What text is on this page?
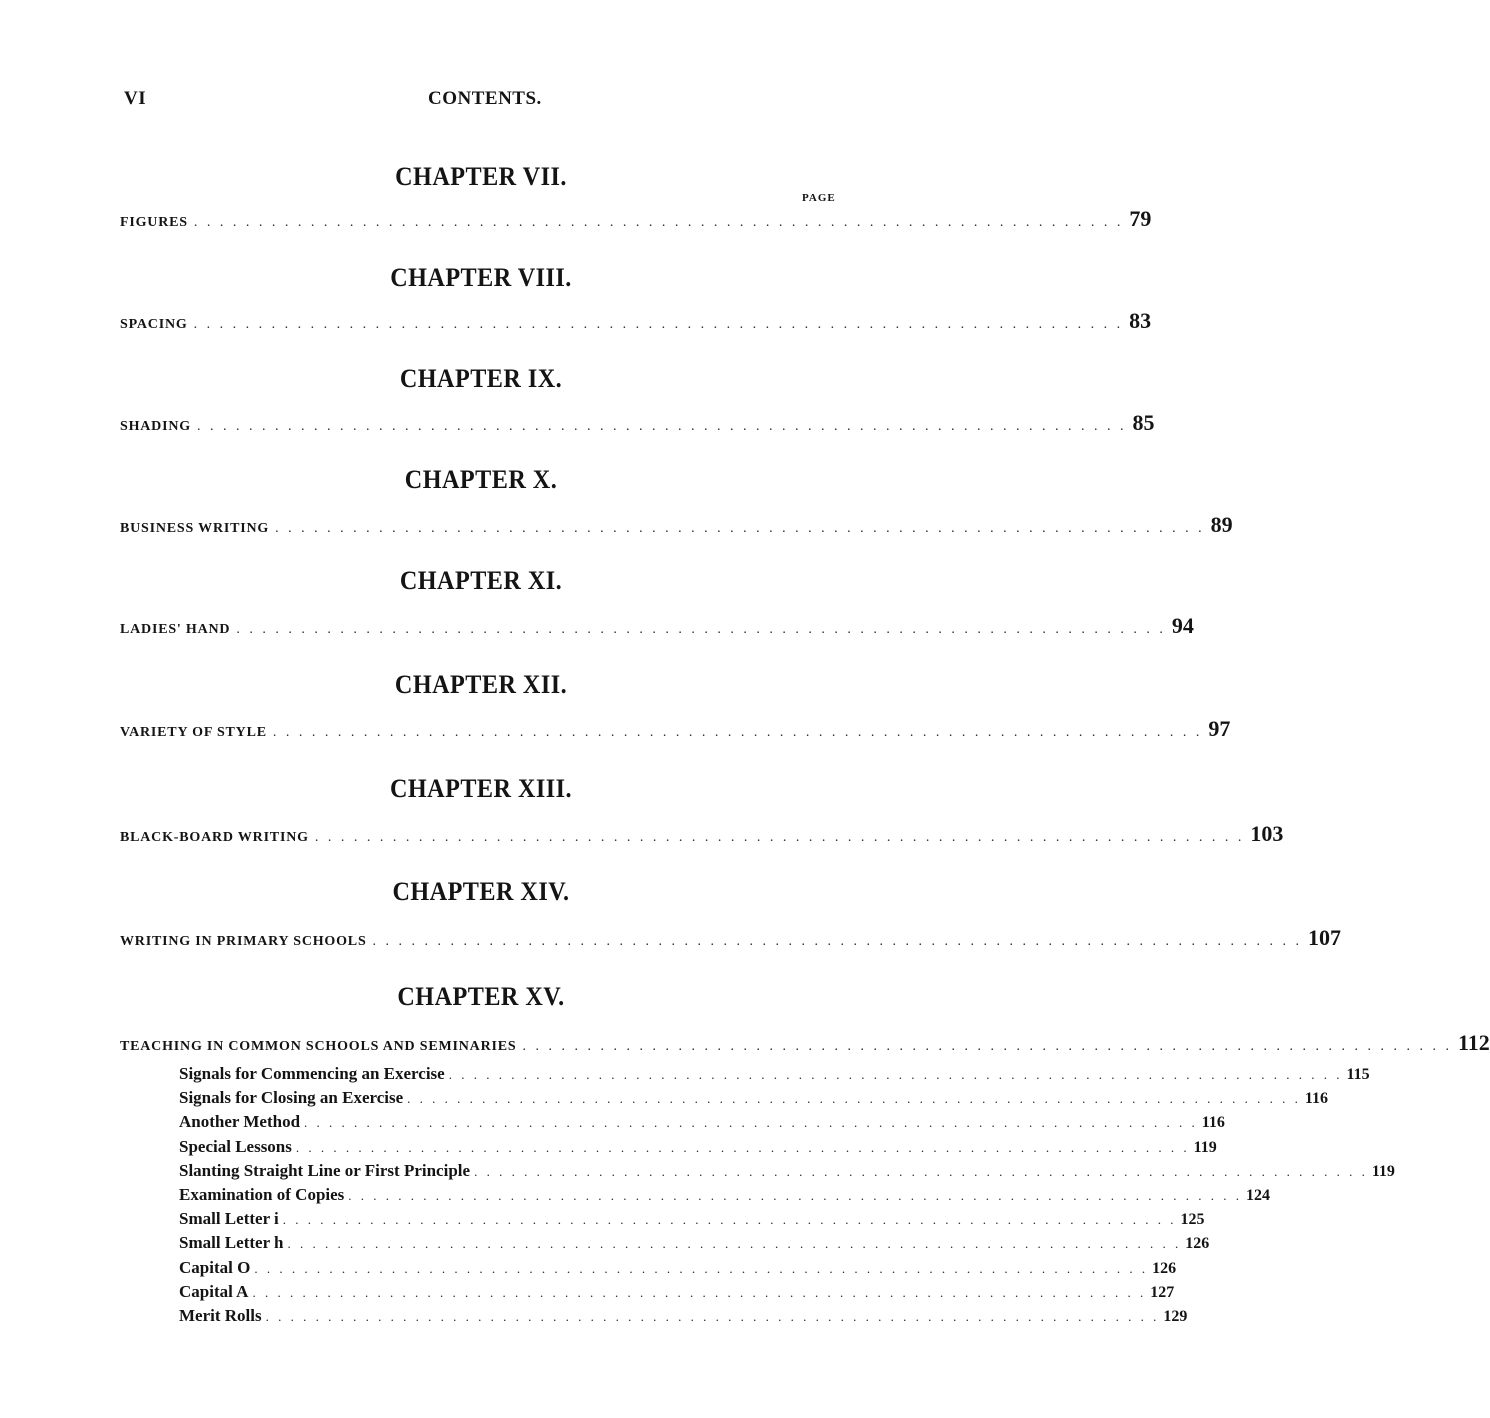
VI	CONTENTS.
PAGE
CHAPTER VII.
FIGURES . . . . . . . . . . . . . . . . . . . . . . . . . . . . . . . . . . . . . . . . . . . . . . . . . . . . . . . . . . . . . . . . . . . . . . . . 79
CHAPTER VIII.
SPACING . . . . . . . . . . . . . . . . . . . . . . . . . . . . . . . . . . . . . . . . . . . . . . . . . . . . . . . . . . . . . . . . . . . . . . . . 83
CHAPTER IX.
SHADING . . . . . . . . . . . . . . . . . . . . . . . . . . . . . . . . . . . . . . . . . . . . . . . . . . . . . . . . . . . . . . . . . . . . . . . . 85
CHAPTER X.
BUSINESS WRITING . . . . . . . . . . . . . . . . . . . . . . . . . . . . . . . . . . . . . . . . . . . . . . . . . . . . . . . . . . . . . . . . . . . . . . . . 89
CHAPTER XI.
LADIES' HAND . . . . . . . . . . . . . . . . . . . . . . . . . . . . . . . . . . . . . . . . . . . . . . . . . . . . . . . . . . . . . . . . . . . . . . . . 94
CHAPTER XII.
VARIETY OF STYLE . . . . . . . . . . . . . . . . . . . . . . . . . . . . . . . . . . . . . . . . . . . . . . . . . . . . . . . . . . . . . . . . . . . . . . . . 97
CHAPTER XIII.
BLACK-BOARD WRITING . . . . . . . . . . . . . . . . . . . . . . . . . . . . . . . . . . . . . . . . . . . . . . . . . . . . . . . . . . . . . . . . . . . . . . . . 103
CHAPTER XIV.
WRITING IN PRIMARY SCHOOLS . . . . . . . . . . . . . . . . . . . . . . . . . . . . . . . . . . . . . . . . . . . . . . . . . . . . . . . . . . . . . . . . . . . . . . . . 107
CHAPTER XV.
TEACHING IN COMMON SCHOOLS AND SEMINARIES . . . . . . . . . . . . . . . . . . . . . . . . . . . . . . . . . . . . . . . . . . . . . . . . . . . . . . . . . . . . . . . . . . . . . . . . 112
Signals for Commencing an Exercise . . . . . . . . . . . . . . . . . . . . . . . . . . . . . . . . . . . . . . . . . . . . . . . . . . . . . . . . . . . . . . . . . . . . . . . . 115
Signals for Closing an Exercise . . . . . . . . . . . . . . . . . . . . . . . . . . . . . . . . . . . . . . . . . . . . . . . . . . . . . . . . . . . . . . . . . . . . . . . . 116
Another Method . . . . . . . . . . . . . . . . . . . . . . . . . . . . . . . . . . . . . . . . . . . . . . . . . . . . . . . . . . . . . . . . . . . . . . . . 116
Special Lessons . . . . . . . . . . . . . . . . . . . . . . . . . . . . . . . . . . . . . . . . . . . . . . . . . . . . . . . . . . . . . . . . . . . . . . . . 119
Slanting Straight Line or First Principle . . . . . . . . . . . . . . . . . . . . . . . . . . . . . . . . . . . . . . . . . . . . . . . . . . . . . . . . . . . . . . . . . . . . . . . . 119
Examination of Copies . . . . . . . . . . . . . . . . . . . . . . . . . . . . . . . . . . . . . . . . . . . . . . . . . . . . . . . . . . . . . . . . . . . . . . . . 124
Small Letter i . . . . . . . . . . . . . . . . . . . . . . . . . . . . . . . . . . . . . . . . . . . . . . . . . . . . . . . . . . . . . . . . . . . . . . . . 125
Small Letter h . . . . . . . . . . . . . . . . . . . . . . . . . . . . . . . . . . . . . . . . . . . . . . . . . . . . . . . . . . . . . . . . . . . . . . . . 126
Capital O . . . . . . . . . . . . . . . . . . . . . . . . . . . . . . . . . . . . . . . . . . . . . . . . . . . . . . . . . . . . . . . . . . . . . . . . 126
Capital A . . . . . . . . . . . . . . . . . . . . . . . . . . . . . . . . . . . . . . . . . . . . . . . . . . . . . . . . . . . . . . . . . . . . . . . . 127
Merit Rolls . . . . . . . . . . . . . . . . . . . . . . . . . . . . . . . . . . . . . . . . . . . . . . . . . . . . . . . . . . . . . . . . . . . . . . . . 129
